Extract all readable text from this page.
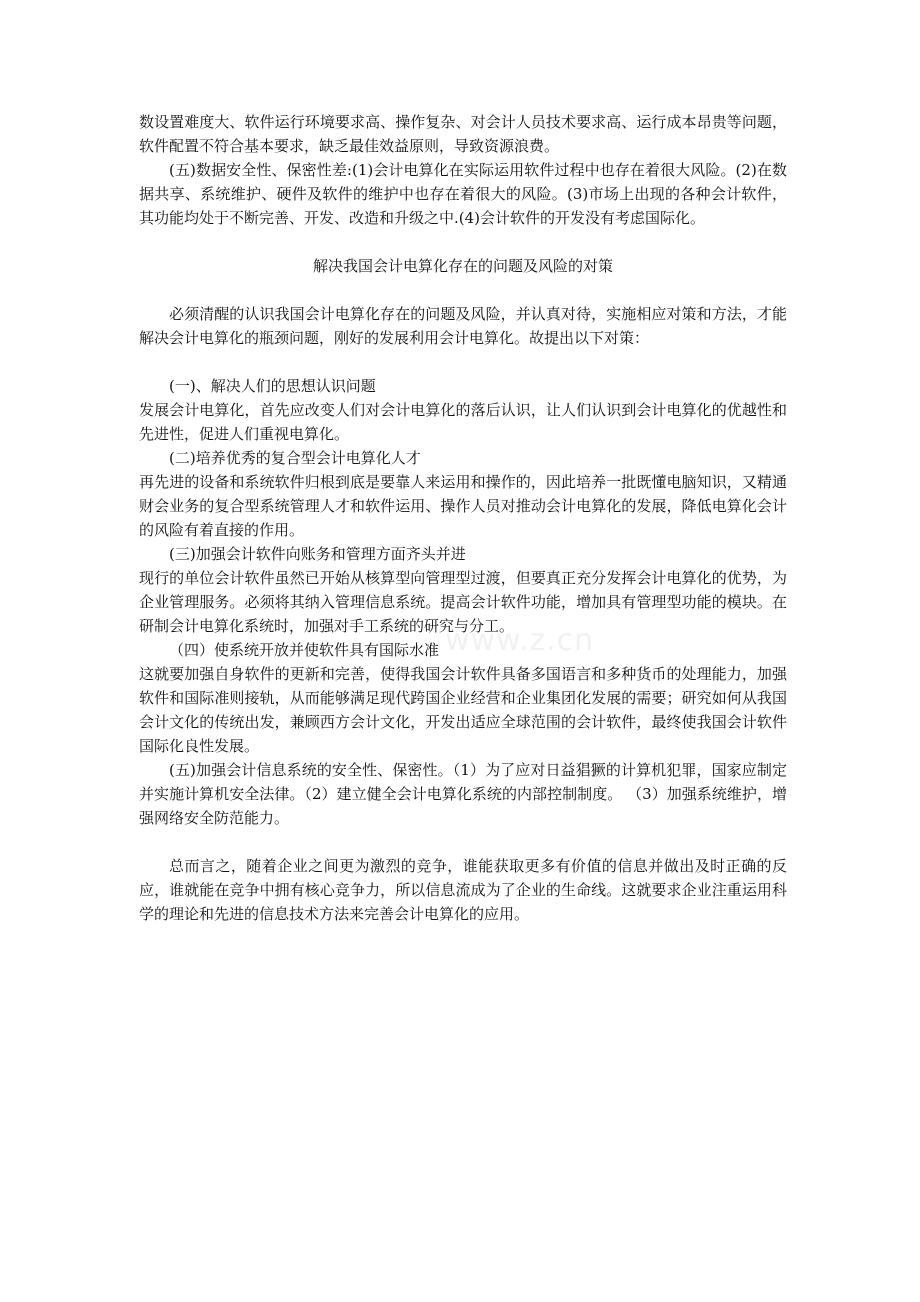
www.z.cn

数设置难度大、软件运行环境要求高、操作复杂、对会计人员技术要求高、运行成本昂贵等问题，软件配置不符合基本要求，缺乏最佳效益原则，导致资源浪费。

(五)数据安全性、保密性差:(1)会计电算化在实际运用软件过程中也存在着很大风险。(2)在数据共享、系统维护、硬件及软件的维护中也存在着很大的风险。(3)市场上出现的各种会计软件，其功能均处于不断完善、开发、改造和升级之中.(4)会计软件的开发没有考虑国际化。

解决我国会计电算化存在的问题及风险的对策

必须清醒的认识我国会计电算化存在的问题及风险，并认真对待，实施相应对策和方法，才能解决会计电算化的瓶颈问题，刚好的发展利用会计电算化。故提出以下对策：

(一)、解决人们的思想认识问题

发展会计电算化，首先应改变人们对会计电算化的落后认识，让人们认识到会计电算化的优越性和先进性，促进人们重视电算化。

(二)培养优秀的复合型会计电算化人才

再先进的设备和系统软件归根到底是要靠人来运用和操作的，因此培养一批既懂电脑知识，又精通财会业务的复合型系统管理人才和软件运用、操作人员对推动会计电算化的发展，降低电算化会计的风险有着直接的作用。

(三)加强会计软件向账务和管理方面齐头并进

现行的单位会计软件虽然已开始从核算型向管理型过渡，但要真正充分发挥会计电算化的优势，为企业管理服务。必须将其纳入管理信息系统。提高会计软件功能，增加具有管理型功能的模块。在研制会计电算化系统时，加强对手工系统的研究与分工。

（四）使系统开放并使软件具有国际水准

这就要加强自身软件的更新和完善，使得我国会计软件具备多国语言和多种货币的处理能力，加强软件和国际准则接轨，从而能够满足现代跨国企业经营和企业集团化发展的需要；研究如何从我国会计文化的传统出发，兼顾西方会计文化，开发出适应全球范围的会计软件，最终使我国会计软件国际化良性发展。

(五)加强会计信息系统的安全性、保密性。（1）为了应对日益猖獗的计算机犯罪，国家应制定并实施计算机安全法律。（2）建立健全会计电算化系统的内部控制制度。 （3）加强系统维护，增强网络安全防范能力。

总而言之，随着企业之间更为激烈的竞争，谁能获取更多有价值的信息并做出及时正确的反应，谁就能在竞争中拥有核心竞争力，所以信息流成为了企业的生命线。这就要求企业注重运用科学的理论和先进的信息技术方法来完善会计电算化的应用。
